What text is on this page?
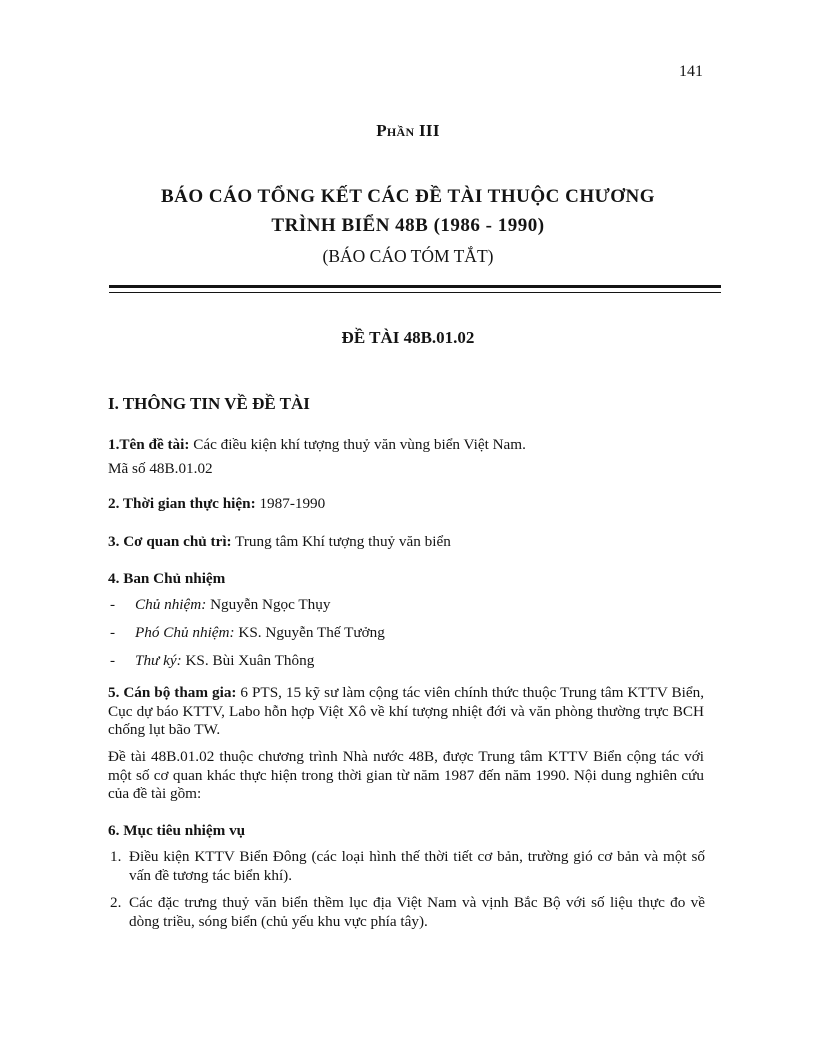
141
Phần III
BÁO CÁO TỔNG KẾT CÁC ĐỀ TÀI THUỘC CHƯƠNG
TRÌNH BIỂN 48B (1986 - 1990)
(BÁO CÁO TÓM TẮT)
ĐỀ TÀI 48B.01.02
I. THÔNG TIN VỀ ĐỀ TÀI
1.Tên đề tài: Các điều kiện khí tượng thuỷ văn vùng biển Việt Nam.
Mã số 48B.01.02
2. Thời gian thực hiện: 1987-1990
3. Cơ quan chủ trì: Trung tâm Khí tượng thuỷ văn biển
4. Ban Chủ nhiệm
- Chủ nhiệm: Nguyễn Ngọc Thụy
- Phó Chủ nhiệm: KS. Nguyễn Thế Tưởng
- Thư ký: KS. Bùi Xuân Thông
5. Cán bộ tham gia: 6 PTS, 15 kỹ sư làm cộng tác viên chính thức thuộc Trung tâm KTTV Biển, Cục dự báo KTTV, Labo hỗn hợp Việt Xô về khí tượng nhiệt đới và văn phòng thường trực BCH chống lụt bão TW.
Đề tài 48B.01.02 thuộc chương trình Nhà nước 48B, được Trung tâm KTTV Biển cộng tác với một số cơ quan khác thực hiện trong thời gian từ năm 1987 đến năm 1990. Nội dung nghiên cứu của đề tài gồm:
6. Mục tiêu nhiệm vụ
1. Điều kiện KTTV Biển Đông (các loại hình thế thời tiết cơ bản, trường gió cơ bản và một số vấn đề tương tác biển khí).
2. Các đặc trưng thuỷ văn biển thềm lục địa Việt Nam và vịnh Bắc Bộ với số liệu thực đo về dòng triều, sóng biển (chủ yếu khu vực phía tây).
